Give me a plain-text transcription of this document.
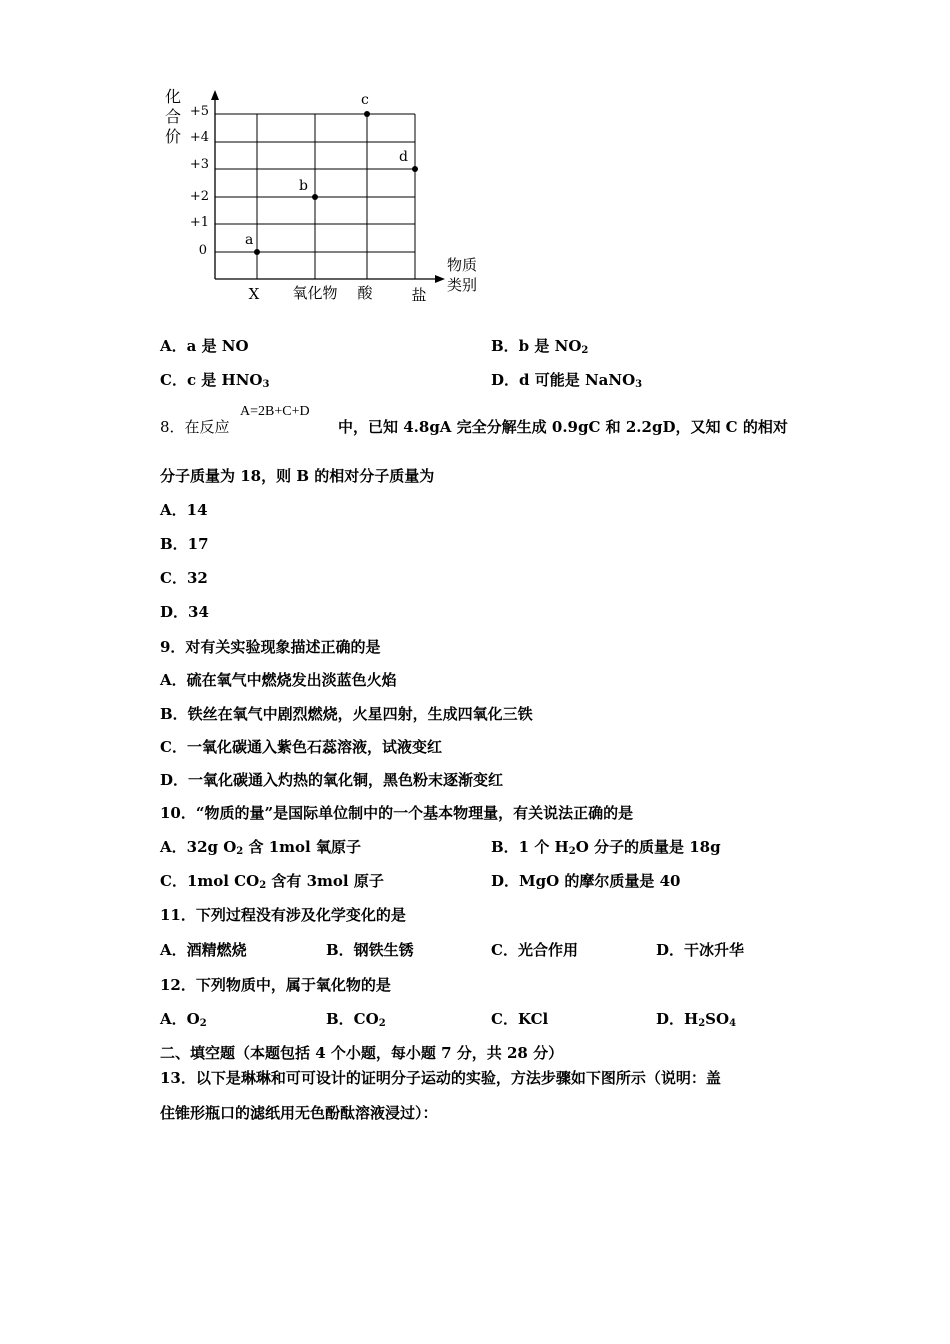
化
合
价
+5
+4
+3
+2
+1
0
X 氧化物 酸	盐
物质
类别
a
b
c
d
A．a 是 NO	B．b 是 $NO_2$
C．c 是 $HNO_3$	D．d 可能是 NaNO$_3$
8．在反应
A=2B+C+D
中，已知 4.8gA 完全分解生成 0.9gC 和 2.2gD，又知 C 的相对
分子质量为 18，则 B 的相对分子质量为
A．14
B．17
C．32
D．34
9．对有关实验现象描述正确的是
A．硫在氧气中燃烧发出淡蓝色火焰
B．铁丝在氧气中剧烈燃烧，火星四射，生成四氧化三铁
C．一氧化碳通入紫色石蕊溶液，试液变红
D．一氧化碳通入灼热的氧化铜，黑色粉末逐渐变红
10．“物质的量”是国际单位制中的一个基本物理量，有关说法正确的是
A．32g $O_2$ 含 1mol 氧原子	B．1 个 $H_2O$ 分子的质量是 18g
C．1mol $CO_2$ 含有 3mol 原子	D．MgO 的摩尔质量是 40
11．下列过程没有涉及化学变化的是
A．酒精燃烧	B．钢铁生锈	C．光合作用	D．干冰升华
12．下列物质中，属于氧化物的是
A．$O_2$	B．$CO_2$	C．KCl	D．$H_2SO_4$
二、填空题（本题包括 4 个小题，每小题 7 分，共 28 分）
13．以下是琳琳和可可设计的证明分子运动的实验，方法步骤如下图所示（说明：盖
住锥形瓶口的滤纸用无色酚酞溶液浸过）：
